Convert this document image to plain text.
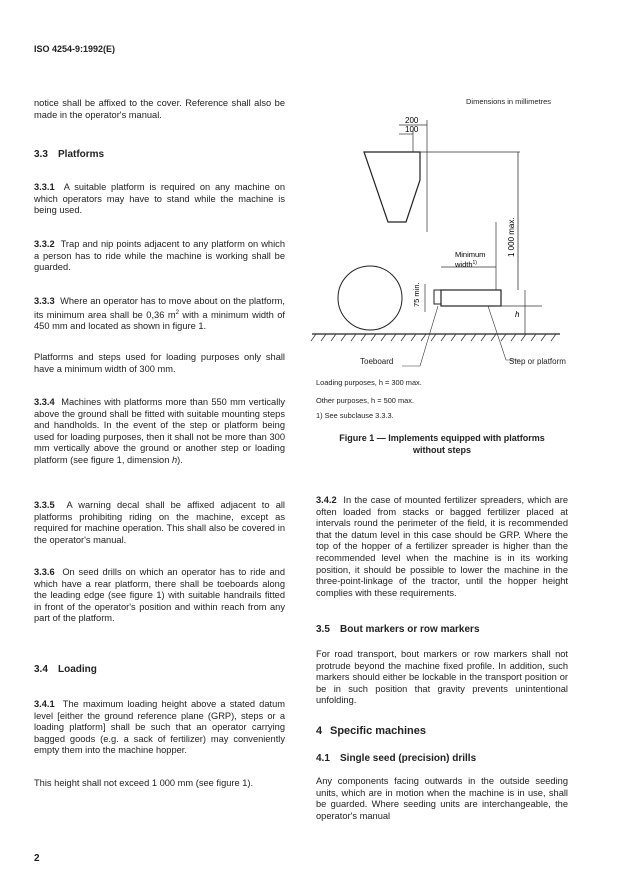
ISO 4254-9:1992(E)

notice shall be affixed to the cover. Reference shall also be made in the operator's manual.

3.3 Platforms

3.3.1 A suitable platform is required on any machine on which operators may have to stand while the machine is being used.

3.3.2 Trap and nip points adjacent to any platform on which a person has to ride while the machine is working shall be guarded.

3.3.3 Where an operator has to move about on the platform, its minimum area shall be 0,36 $m^2$ with a minimum width of 450 mm and located as shown in figure 1.

Platforms and steps used for loading purposes only shall have a minimum width of 300 mm.

3.3.4 Machines with platforms more than 550 mm vertically above the ground shall be fitted with suitable mounting steps and handholds. In the event of the step or platform being used for loading purposes, then it shall not be more than 300 mm vertically above the ground or another step or loading platform (see figure 1, dimension h).

3.3.5 A warning decal shall be affixed adjacent to all platforms prohibiting riding on the machine, except as required for machine operation. This shall also be covered in the operator's manual.

3.3.6 On seed drills on which an operator has to ride and which have a rear platform, there shall be toeboards along the leading edge (see figure 1) with suitable handrails fitted in front of the operator's position and within reach from any part of the platform.

3.4 Loading

3.4.1 The maximum loading height above a stated datum level [either the ground reference plane (GRP), steps or a loading platform] shall be such that an operator carrying bagged goods (e.g. a sack of fertilizer) may conveniently empty them into the machine hopper.

This height shall not exceed 1 000 mm (see figure 1).

Dimensions in millimetres
200
100
1 000 max.
Minimum
width$^{1)}$
75 min.
h
Toeboard	Step or platform
Loading purposes, h = 300 max.
Other purposes, h = 500 max.
1) See subclause 3.3.3.
Figure 1 — Implements equipped with platforms
without steps

3.4.2 In the case of mounted fertilizer spreaders, which are often loaded from stacks or bagged fertilizer placed at intervals round the perimeter of the field, it is recommended that the datum level in this case should be GRP. Where the top of the hopper of a fertilizer spreader is higher than the recommended level when the machine is in its working position, it should be possible to lower the machine in the three-point-linkage of the tractor, until the hopper height complies with these requirements.

3.5 Bout markers or row markers

For road transport, bout markers or row markers shall not protrude beyond the machine fixed profile. In addition, such markers should either be lockable in the transport position or be in such position that gravity prevents unintentional unfolding.

4 Specific machines
4.1 Single seed (precision) drills

Any components facing outwards in the outside seeding units, which are in motion when the machine is in use, shall be guarded. Where seeding units are interchangeable, the operator's manual

2
